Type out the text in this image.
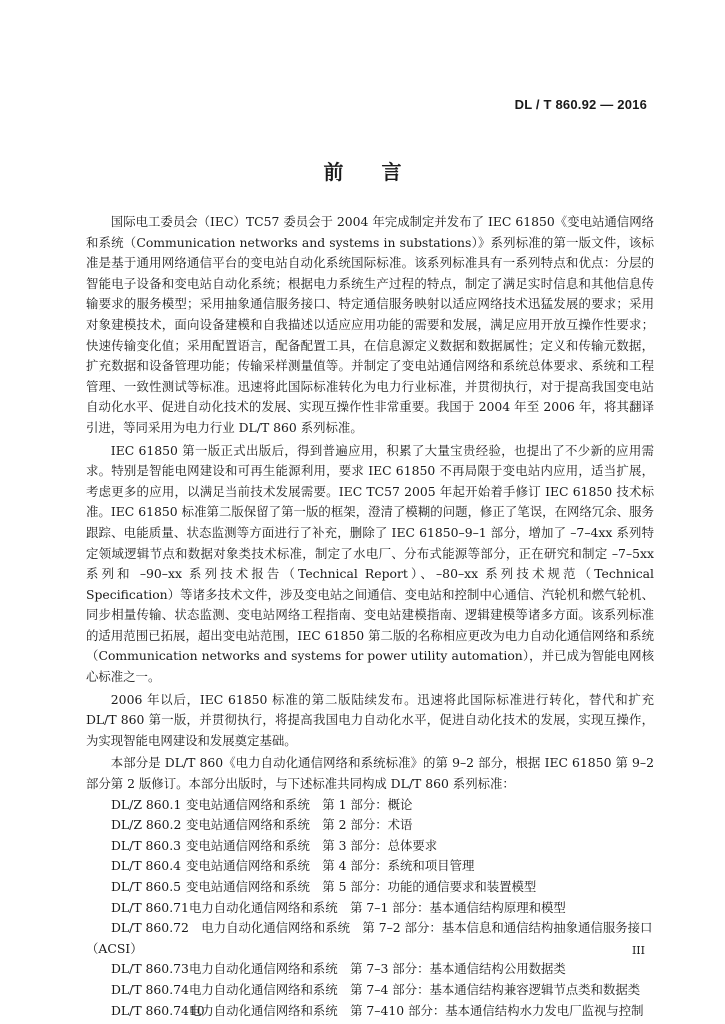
DL / T 860.92 — 2016
前言

国际电工委员会（IEC）TC57 委员会于 2004 年完成制定并发布了 IEC 61850《变电站通信网络和系统（Communication networks and systems in substations）》系列标准的第一版文件，该标准是基于通用网络通信平台的变电站自动化系统国际标准。该系列标准具有一系列特点和优点：分层的智能电子设备和变电站自动化系统；根据电力系统生产过程的特点，制定了满足实时信息和其他信息传输要求的服务模型；采用抽象通信服务接口、特定通信服务映射以适应网络技术迅猛发展的要求；采用对象建模技术，面向设备建模和自我描述以适应应用功能的需要和发展，满足应用开放互操作性要求；快速传输变化值；采用配置语言，配备配置工具，在信息源定义数据和数据属性；定义和传输元数据，扩充数据和设备管理功能；传输采样测量值等。并制定了变电站通信网络和系统总体要求、系统和工程管理、一致性测试等标准。迅速将此国际标准转化为电力行业标准，并贯彻执行，对于提高我国变电站自动化水平、促进自动化技术的发展、实现互操作性非常重要。我国于 2004 年至 2006 年，将其翻译引进，等同采用为电力行业 DL/T 860 系列标准。

IEC 61850 第一版正式出版后，得到普遍应用，积累了大量宝贵经验，也提出了不少新的应用需求。特别是智能电网建设和可再生能源利用，要求 IEC 61850 不再局限于变电站内应用，适当扩展，考虑更多的应用，以满足当前技术发展需要。IEC TC57 2005 年起开始着手修订 IEC 61850 技术标准。IEC 61850 标准第二版保留了第一版的框架，澄清了模糊的问题，修正了笔误，在网络冗余、服务跟踪、电能质量、状态监测等方面进行了补充，删除了 IEC 61850–9–1 部分，增加了 –7–4xx 系列特定领域逻辑节点和数据对象类技术标准，制定了水电厂、分布式能源等部分，正在研究和制定 –7–5xx 系列和 –90–xx 系列技术报告（Technical Report）、–80–xx 系列技术规范（Technical Specification）等诸多技术文件，涉及变电站之间通信、变电站和控制中心通信、汽轮机和燃气轮机、同步相量传输、状态监测、变电站网络工程指南、变电站建模指南、逻辑建模等诸多方面。该系列标准的适用范围已拓展，超出变电站范围，IEC 61850 第二版的名称相应更改为电力自动化通信网络和系统（Communication networks and systems for power utility automation），并已成为智能电网核心标准之一。

2006 年以后，IEC 61850 标准的第二版陆续发布。迅速将此国际标准进行转化，替代和扩充 DL/T 860 第一版，并贯彻执行，将提高我国电力自动化水平，促进自动化技术的发展，实现互操作，为实现智能电网建设和发展奠定基础。

本部分是 DL/T 860《电力自动化通信网络和系统标准》的第 9–2 部分，根据 IEC 61850 第 9–2 部分第 2 版修订。本部分出版时，与下述标准共同构成 DL/T 860 系列标准：

DL/Z 860.1 变电站通信网络和系统　第 1 部分：概论
DL/Z 860.2 变电站通信网络和系统　第 2 部分：术语
DL/T 860.3 变电站通信网络和系统　第 3 部分：总体要求
DL/T 860.4 变电站通信网络和系统　第 4 部分：系统和项目管理
DL/T 860.5 变电站通信网络和系统　第 5 部分：功能的通信要求和装置模型
DL/T 860.71 电力自动化通信网络和系统　第 7–1 部分：基本通信结构原理和模型
DL/T 860.72　 电力自动化通信网络和系统　第 7–2 部分：基本信息和通信结构抽象通信服务接口（ACSI）
DL/T 860.73 电力自动化通信网络和系统　第 7–3 部分：基本通信结构公用数据类
DL/T 860.74 电力自动化通信网络和系统　第 7–4 部分：基本通信结构兼容逻辑节点类和数据类
DL/T 860.7410
电力自动化通信网络和系统　第 7–410 部分：基本通信结构水力发电厂监视与控制
III
